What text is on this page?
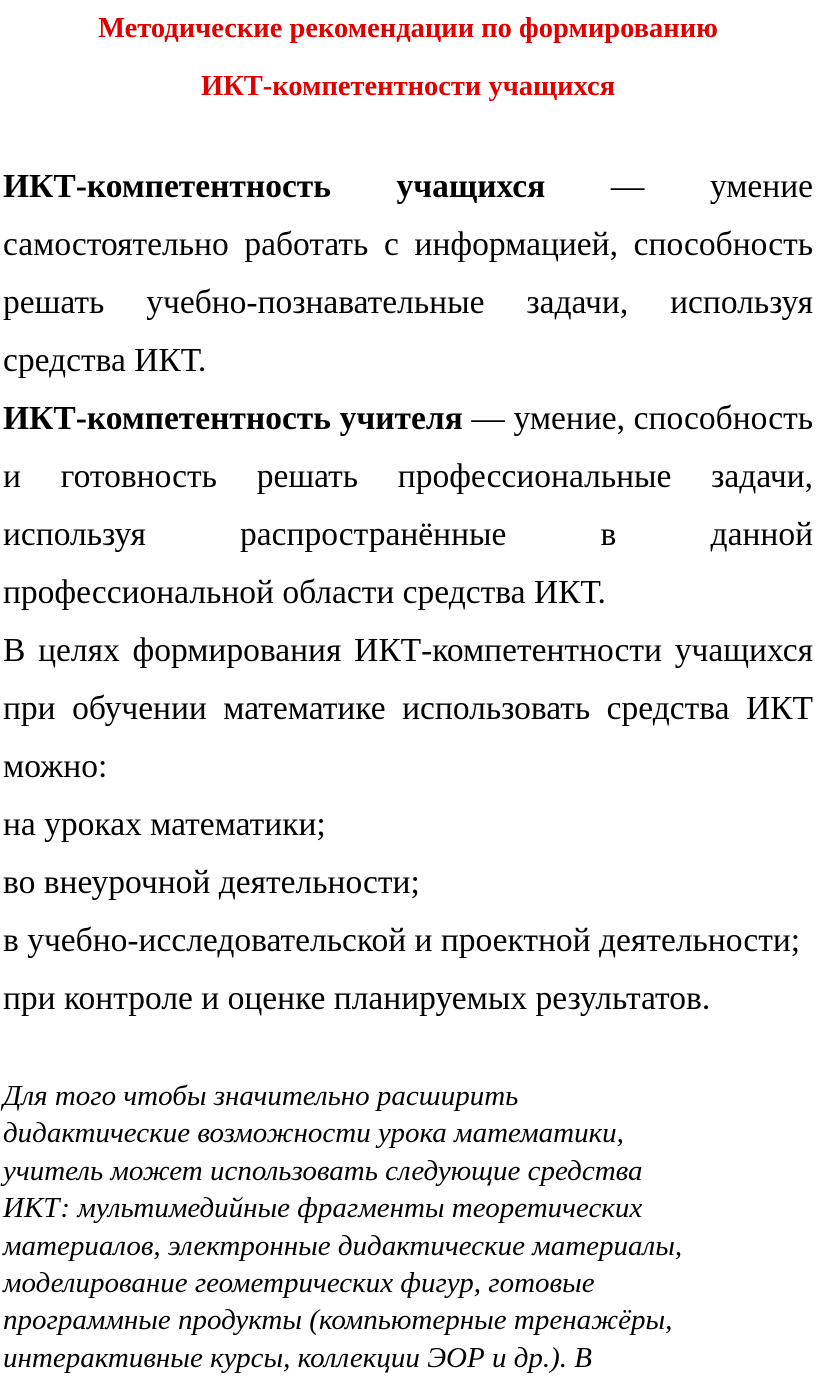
Методические рекомендации по формированию
ИКТ-компетентности учащихся

ИКТ-компетентность учащихся — умение самостоятельно работать с информацией, способность решать учебно-познавательные задачи, используя средства ИКТ.

ИКТ-компетентность учителя — умение, способность и готовность решать профессиональные задачи, используя распространённые в данной профессиональной области средства ИКТ.

В целях формирования ИКТ-компетентности учащихся при обучении математике использовать средства ИКТ можно:

на уроках математики;

во внеурочной деятельности;

в учебно-исследовательской и проектной деятельности;

при контроле и оценке планируемых результатов.

Для того чтобы значительно расширить
дидактические возможности урока математики,
учитель может использовать следующие средства
ИКТ: мультимедийные фрагменты теоретических
материалов, электронные дидактические материалы,
моделирование геометрических фигур, готовые
программные продукты (компьютерные тренажёры,
интерактивные курсы, коллекции ЭОР и др.). В
